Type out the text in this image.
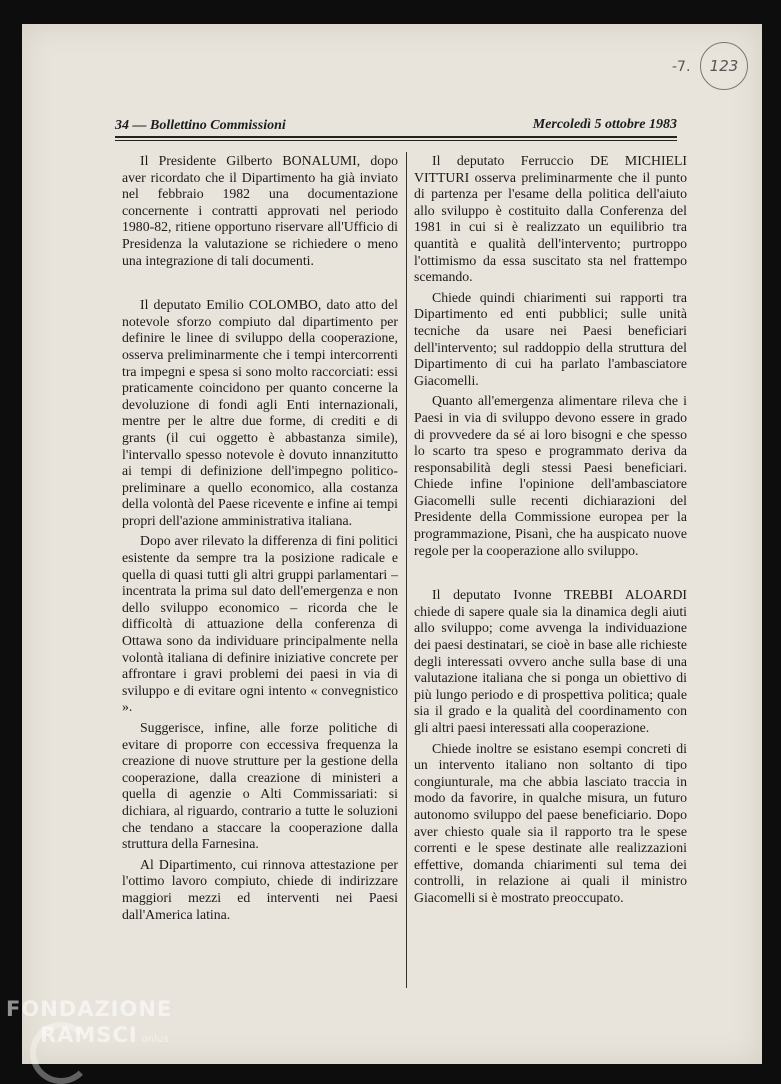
-7. 123
34 — Bollettino Commissioni	Mercoledì 5 ottobre 1983

Il Presidente Gilberto BONALUMI, dopo aver ricordato che il Dipartimento ha già inviato nel febbraio 1982 una documentazione concernente i contratti approvati nel periodo 1980-82, ritiene opportuno riservare all'Ufficio di Presidenza la valutazione se richiedere o meno una integrazione di tali documenti.

Il deputato Emilio COLOMBO, dato atto del notevole sforzo compiuto dal dipartimento per definire le linee di sviluppo della cooperazione, osserva preliminarmente che i tempi intercorrenti tra impegni e spesa si sono molto raccorciati: essi praticamente coincidono per quanto concerne la devoluzione di fondi agli Enti internazionali, mentre per le altre due forme, di crediti e di grants (il cui oggetto è abbastanza simile), l'intervallo spesso notevole è dovuto innanzitutto ai tempi di definizione dell'impegno politico-preliminare a quello economico, alla costanza della volontà del Paese ricevente e infine ai tempi propri dell'azione amministrativa italiana.

Dopo aver rilevato la differenza di fini politici esistente da sempre tra la posizione radicale e quella di quasi tutti gli altri gruppi parlamentari – incentrata la prima sul dato dell'emergenza e non dello sviluppo economico – ricorda che le difficoltà di attuazione della conferenza di Ottawa sono da individuare principalmente nella volontà italiana di definire iniziative concrete per affrontare i gravi problemi dei paesi in via di sviluppo e di evitare ogni intento « convegnistico ».

Suggerisce, infine, alle forze politiche di evitare di proporre con eccessiva frequenza la creazione di nuove strutture per la gestione della cooperazione, dalla creazione di ministeri a quella di agenzie o Alti Commissariati: si dichiara, al riguardo, contrario a tutte le soluzioni che tendano a staccare la cooperazione dalla struttura della Farnesina.

Al Dipartimento, cui rinnova attestazione per l'ottimo lavoro compiuto, chiede di indirizzare maggiori mezzi ed interventi nei Paesi dall'America latina.

Il deputato Ferruccio DE MICHIELI VITTURI osserva preliminarmente che il punto di partenza per l'esame della politica dell'aiuto allo sviluppo è costituito dalla Conferenza del 1981 in cui si è realizzato un equilibrio tra quantità e qualità dell'intervento; purtroppo l'ottimismo da essa suscitato sta nel frattempo scemando.

Chiede quindi chiarimenti sui rapporti tra Dipartimento ed enti pubblici; sulle unità tecniche da usare nei Paesi beneficiari dell'intervento; sul raddoppio della struttura del Dipartimento di cui ha parlato l'ambasciatore Giacomelli.

Quanto all'emergenza alimentare rileva che i Paesi in via di sviluppo devono essere in grado di provvedere da sé ai loro bisogni e che spesso lo scarto tra speso e programmato deriva da responsabilità degli stessi Paesi beneficiari. Chiede infine l'opinione dell'ambasciatore Giacomelli sulle recenti dichiarazioni del Presidente della Commissione europea per la programmazione, Pisanì, che ha auspicato nuove regole per la cooperazione allo sviluppo.

Il deputato Ivonne TREBBI ALOARDI chiede di sapere quale sia la dinamica degli aiuti allo sviluppo; come avvenga la individuazione dei paesi destinatari, se cioè in base alle richieste degli interessati ovvero anche sulla base di una valutazione italiana che si ponga un obiettivo di più lungo periodo e di prospettiva politica; quale sia il grado e la qualità del coordinamento con gli altri paesi interessati alla cooperazione.

Chiede inoltre se esistano esempi concreti di un intervento italiano non soltanto di tipo congiunturale, ma che abbia lasciato traccia in modo da favorire, in qualche misura, un futuro autonomo sviluppo del paese beneficiario. Dopo aver chiesto quale sia il rapporto tra le spese correnti e le spese destinate alle realizzazioni effettive, domanda chiarimenti sul tema dei controlli, in relazione ai quali il ministro Giacomelli si è mostrato preoccupato.

FONDAZIONE
RAMSCI onlus
